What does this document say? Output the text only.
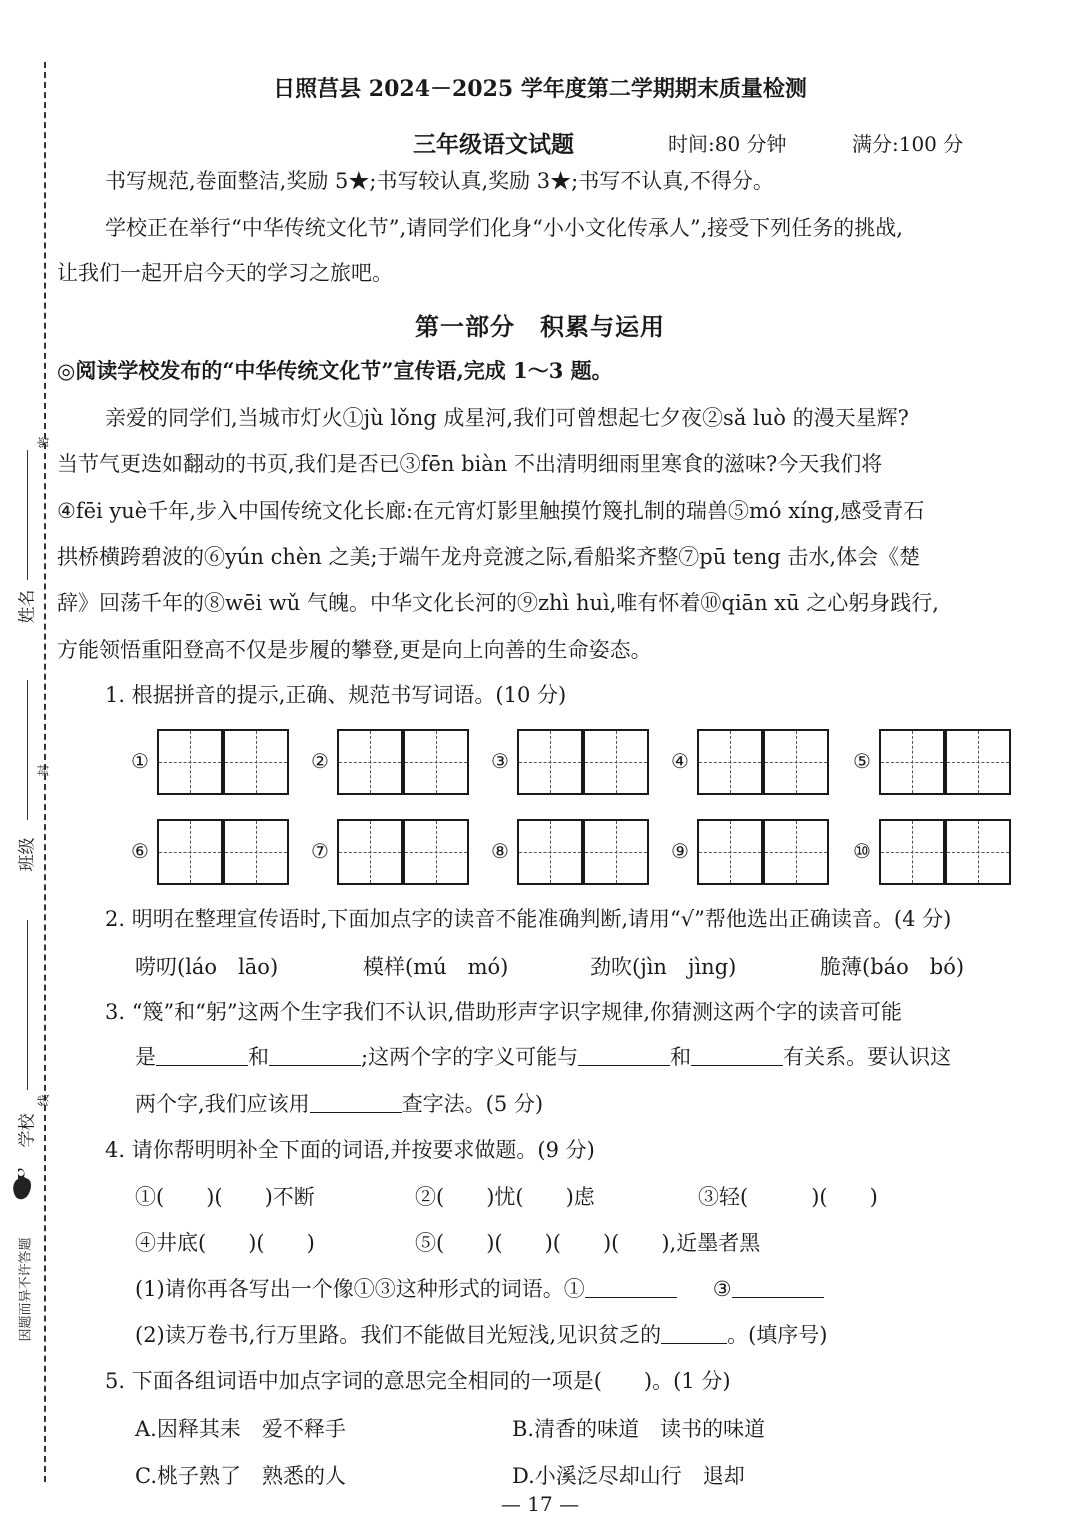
姓名
班级
学校
密
封
线
因题而异不许答题
日照莒县 2024－2025 学年度第二学期期末质量检测
三年级语文试题	时间:80 分钟	满分:100 分
书写规范,卷面整洁,奖励 5★;书写较认真,奖励 3★;书写不认真,不得分。
学校正在举行“中华传统文化节”,请同学们化身“小小文化传承人”,接受下列任务的挑战,
让我们一起开启今天的学习之旅吧。
第一部分　积累与运用
◎阅读学校发布的“中华传统文化节”宣传语,完成 1～3 题。
亲爱的同学们,当城市灯火①jù lǒng 成星河,我们可曾想起七夕夜②sǎ luò 的漫天星辉?
当节气更迭如翻动的书页,我们是否已③fēn biàn 不出清明细雨里寒食的滋味?今天我们将
④fēi yuè千年,步入中国传统文化长廊:在元宵灯影里触摸竹篾扎制的瑞兽⑤mó xíng,感受青石
拱桥横跨碧波的⑥yún chèn 之美;于端午龙舟竞渡之际,看船桨齐整⑦pū teng 击水,体会《楚
辞》回荡千年的⑧wēi wǔ 气魄。中华文化长河的⑨zhì huì,唯有怀着⑩qiān xū 之心躬身践行,
方能领悟重阳登高不仅是步履的攀登,更是向上向善的生命姿态。
1. 根据拼音的提示,正确、规范书写词语。(10 分)
①	②	③	④	⑤
⑥	⑦	⑧	⑨	⑩
2. 明明在整理宣传语时,下面加点字的读音不能准确判断,请用“√”帮他选出正确读音。(4 分)
唠叨(láo　lāo)	模样(mú　mó)	劲吹(jìn　jìng)	脆薄(báo　bó)
3. “篾”和“躬”这两个生字我们不认识,借助形声字识字规律,你猜测这两个字的读音可能
是	和	;这两个字的字义可能与	和	有关系。要认识这
两个字,我们应该用	查字法。(5 分)
4. 请你帮明明补全下面的词语,并按要求做题。(9 分)
①(　　)(　　)不断	②(　　)忧(　　)虑	③轻(　　　)(　　)
④井底(　　)(　　)	⑤(　　)(　　)(　　)(　　),近墨者黑
(1)请你再各写出一个像①③这种形式的词语。①	③
(2)读万卷书,行万里路。我们不能做目光短浅,见识贫乏的	。(填序号)
5. 下面各组词语中加点字词的意思完全相同的一项是(　　)。(1 分)
A.因释其耒　爱不释手	B.清香的味道　读书的味道
C.桃子熟了　熟悉的人	D.小溪泛尽却山行　退却
— 17 —
